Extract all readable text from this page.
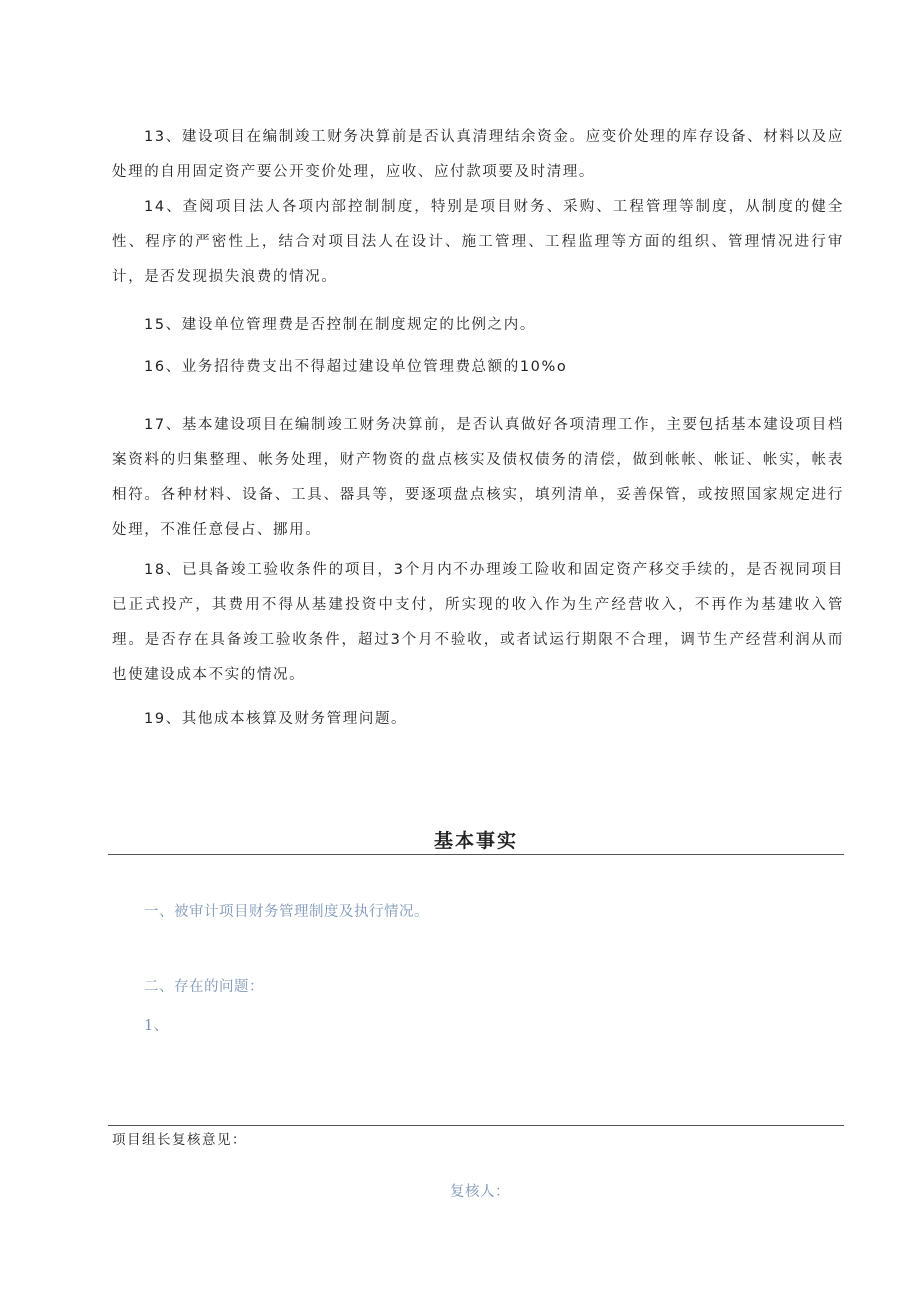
13、建设项目在编制竣工财务决算前是否认真清理结余资金。应变价处理的库存设备、材料以及应处理的自用固定资产要公开变价处理，应收、应付款项要及时清理。

14、查阅项目法人各项内部控制制度，特别是项目财务、采购、工程管理等制度，从制度的健全性、程序的严密性上，结合对项目法人在设计、施工管理、工程监理等方面的组织、管理情况进行审计，是否发现损失浪费的情况。

15、建设单位管理费是否控制在制度规定的比例之内。

16、业务招待费支出不得超过建设单位管理费总额的10%o

17、基本建设项目在编制竣工财务决算前，是否认真做好各项清理工作，主要包括基本建设项目档案资料的归集整理、帐务处理，财产物资的盘点核实及债权债务的清偿，做到帐帐、帐证、帐实，帐表相符。各种材料、设备、工具、器具等，要逐项盘点核实，填列清单，妥善保管，或按照国家规定进行处理，不准任意侵占、挪用。

18、已具备竣工验收条件的项目，3个月内不办理竣工险收和固定资产移交手续的，是否视同项目已正式投产，其费用不得从基建投资中支付，所实现的收入作为生产经营收入，不再作为基建收入管理。是否存在具备竣工验收条件，超过3个月不验收，或者试运行期限不合理，调节生产经营利润从而也使建设成本不实的情况。

19、其他成本核算及财务管理问题。

基本事实
一、被审计项目财务管理制度及执行情况。
二、存在的问题：
1、
项目组长复核意见：
复核人：
